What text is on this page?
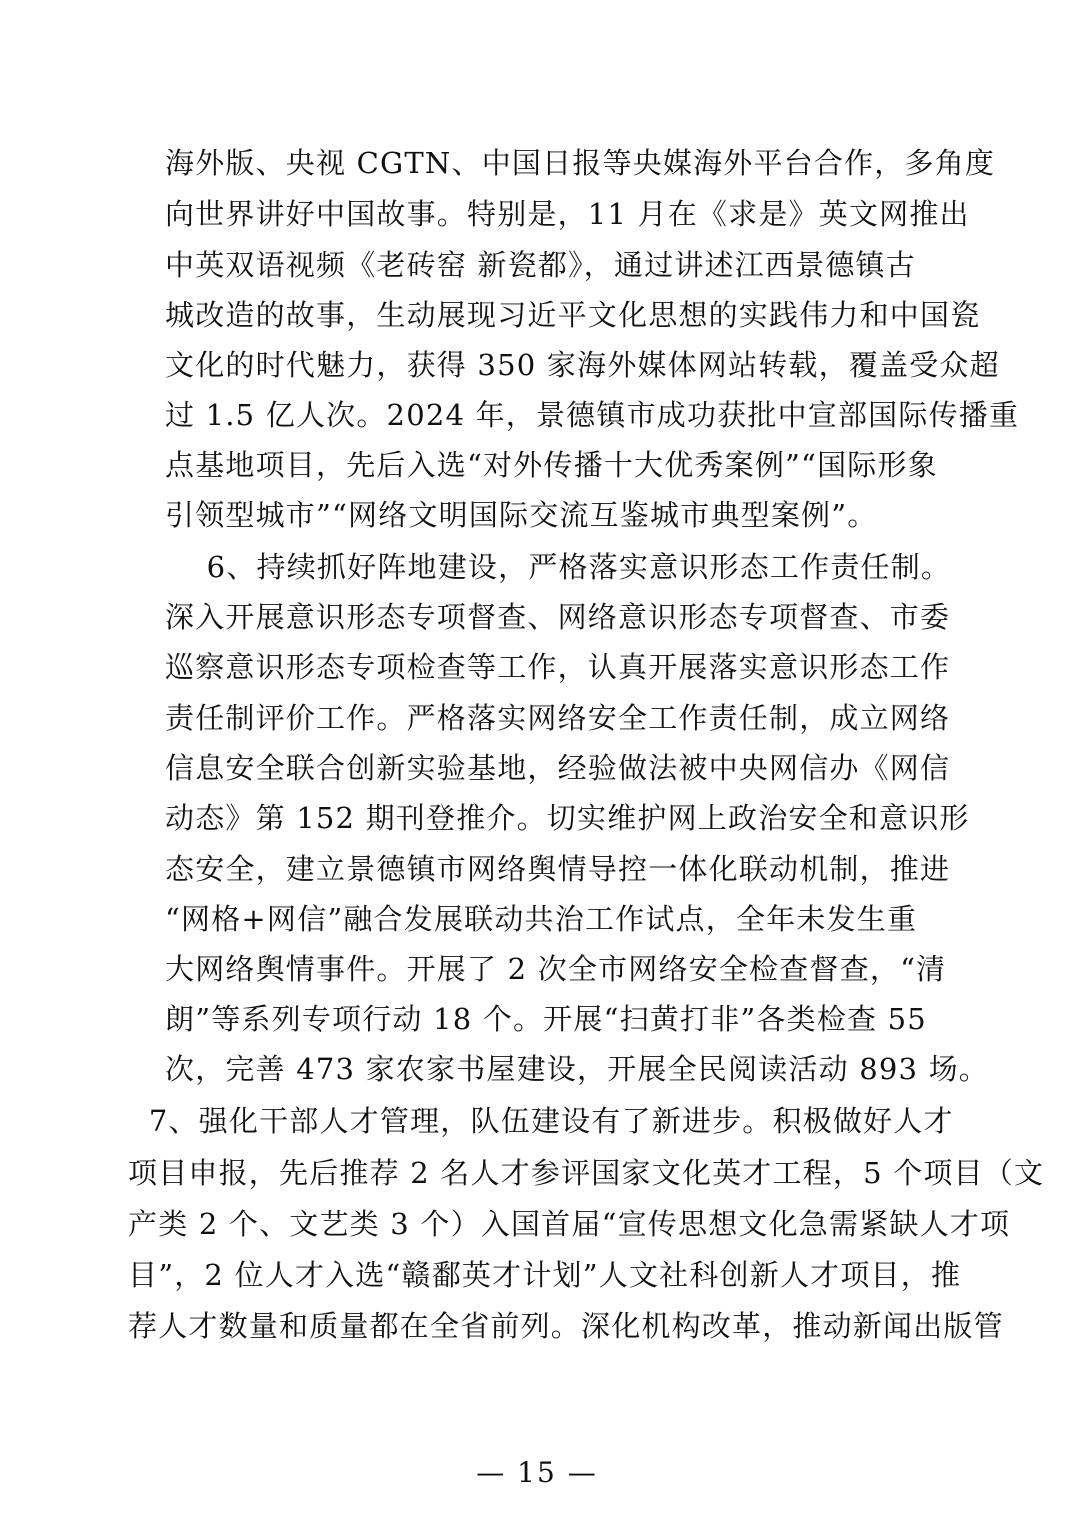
海外版、央视 CGTN、中国日报等央媒海外平台合作，多角度
向世界讲好中国故事。特别是，11 月在《求是》英文网推出
中英双语视频《老砖窑 新瓷都》，通过讲述江西景德镇古
城改造的故事，生动展现习近平文化思想的实践伟力和中国瓷
文化的时代魅力，获得 350 家海外媒体网站转载，覆盖受众超
过 1.5 亿人次。2024 年，景德镇市成功获批中宣部国际传播重
点基地项目，先后入选“对外传播十大优秀案例”“国际形象
引领型城市”“网络文明国际交流互鉴城市典型案例”。
6、持续抓好阵地建设，严格落实意识形态工作责任制。
深入开展意识形态专项督查、网络意识形态专项督查、市委
巡察意识形态专项检查等工作，认真开展落实意识形态工作
责任制评价工作。严格落实网络安全工作责任制，成立网络
信息安全联合创新实验基地，经验做法被中央网信办《网信
动态》第 152 期刊登推介。切实维护网上政治安全和意识形
态安全，建立景德镇市网络舆情导控一体化联动机制，推进
“网格+网信”融合发展联动共治工作试点，全年未发生重
大网络舆情事件。开展了 2 次全市网络安全检查督查，“清
朗”等系列专项行动 18 个。开展“扫黄打非”各类检查 55
次，完善 473 家农家书屋建设，开展全民阅读活动 893 场。
7、强化干部人才管理，队伍建设有了新进步。积极做好人才
项目申报，先后推荐 2 名人才参评国家文化英才工程，5 个项目（文
产类 2 个、文艺类 3 个）入国首届“宣传思想文化急需紧缺人才项
目”，2 位人才入选“赣鄱英才计划”人文社科创新人才项目，推
荐人才数量和质量都在全省前列。深化机构改革，推动新闻出版管
— 15 —
